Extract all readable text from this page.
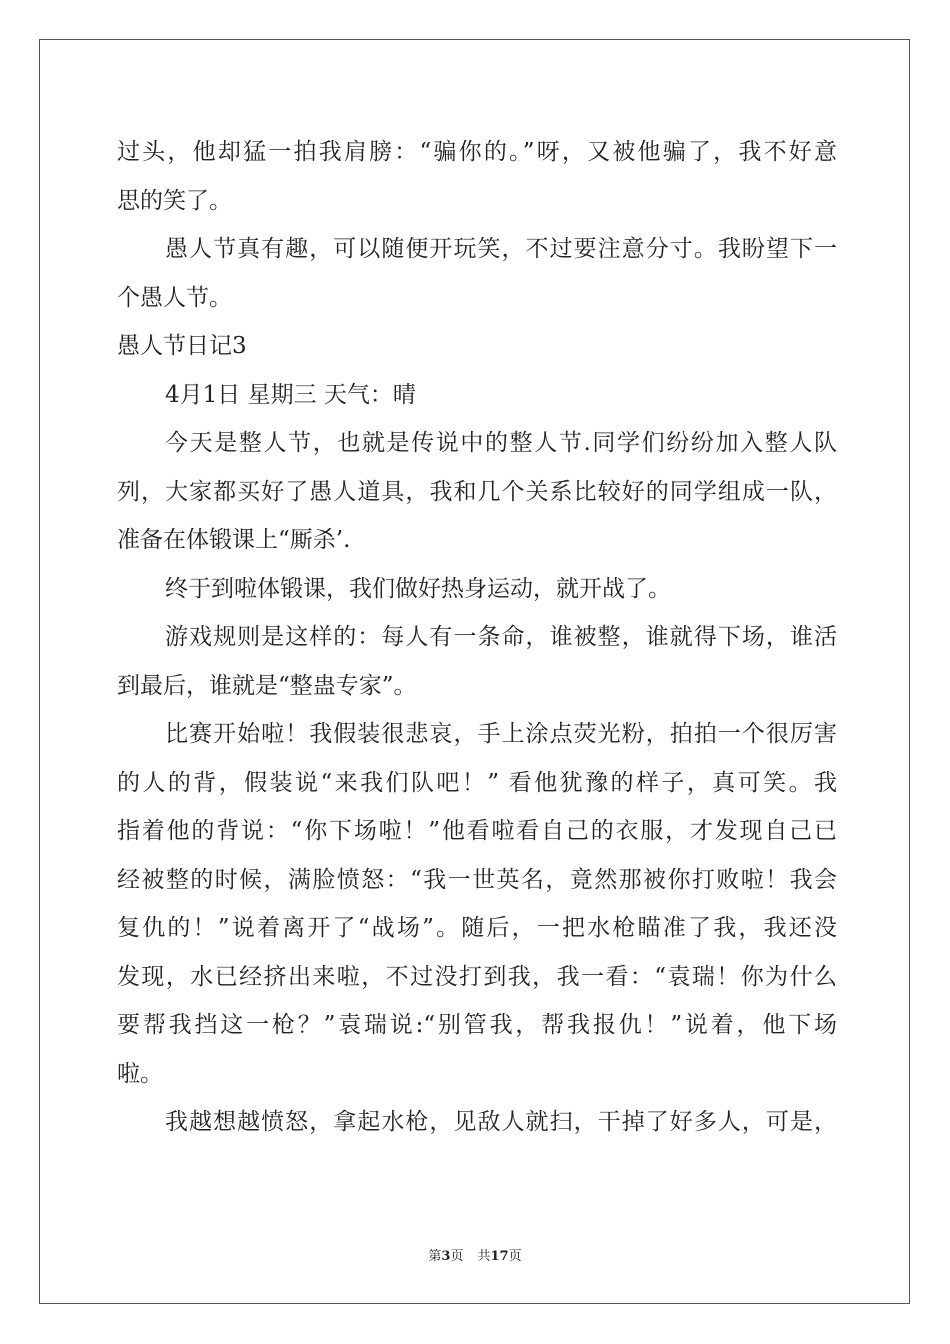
过头，他却猛一拍我肩膀：“骗你的。”呀，又被他骗了，我不好意
思的笑了。
愚人节真有趣，可以随便开玩笑，不过要注意分寸。我盼望下一
个愚人节。
愚人节日记3
4月1日 星期三 天气：晴
今天是整人节，也就是传说中的整人节.同学们纷纷加入整人队
列，大家都买好了愚人道具，我和几个关系比较好的同学组成一队，
准备在体锻课上“厮杀’.
终于到啦体锻课，我们做好热身运动，就开战了。
游戏规则是这样的：每人有一条命，谁被整，谁就得下场，谁活
到最后，谁就是“整蛊专家”。
比赛开始啦！我假装很悲哀，手上涂点荧光粉，拍拍一个很厉害
的人的背，假装说“来我们队吧！” 看他犹豫的样子，真可笑。我
指着他的背说：“你下场啦！”他看啦看自己的衣服，才发现自己已
经被整的时候，满脸愤怒：“我一世英名，竟然那被你打败啦！我会
复仇的！”说着离开了“战场”。随后，一把水枪瞄准了我，我还没
发现，水已经挤出来啦，不过没打到我，我一看：“袁瑞！你为什么
要帮我挡这一枪？”袁瑞说:“别管我，帮我报仇！”说着，他下场
啦。
我越想越愤怒，拿起水枪，见敌人就扫，干掉了好多人，可是，
第3页 共17页
